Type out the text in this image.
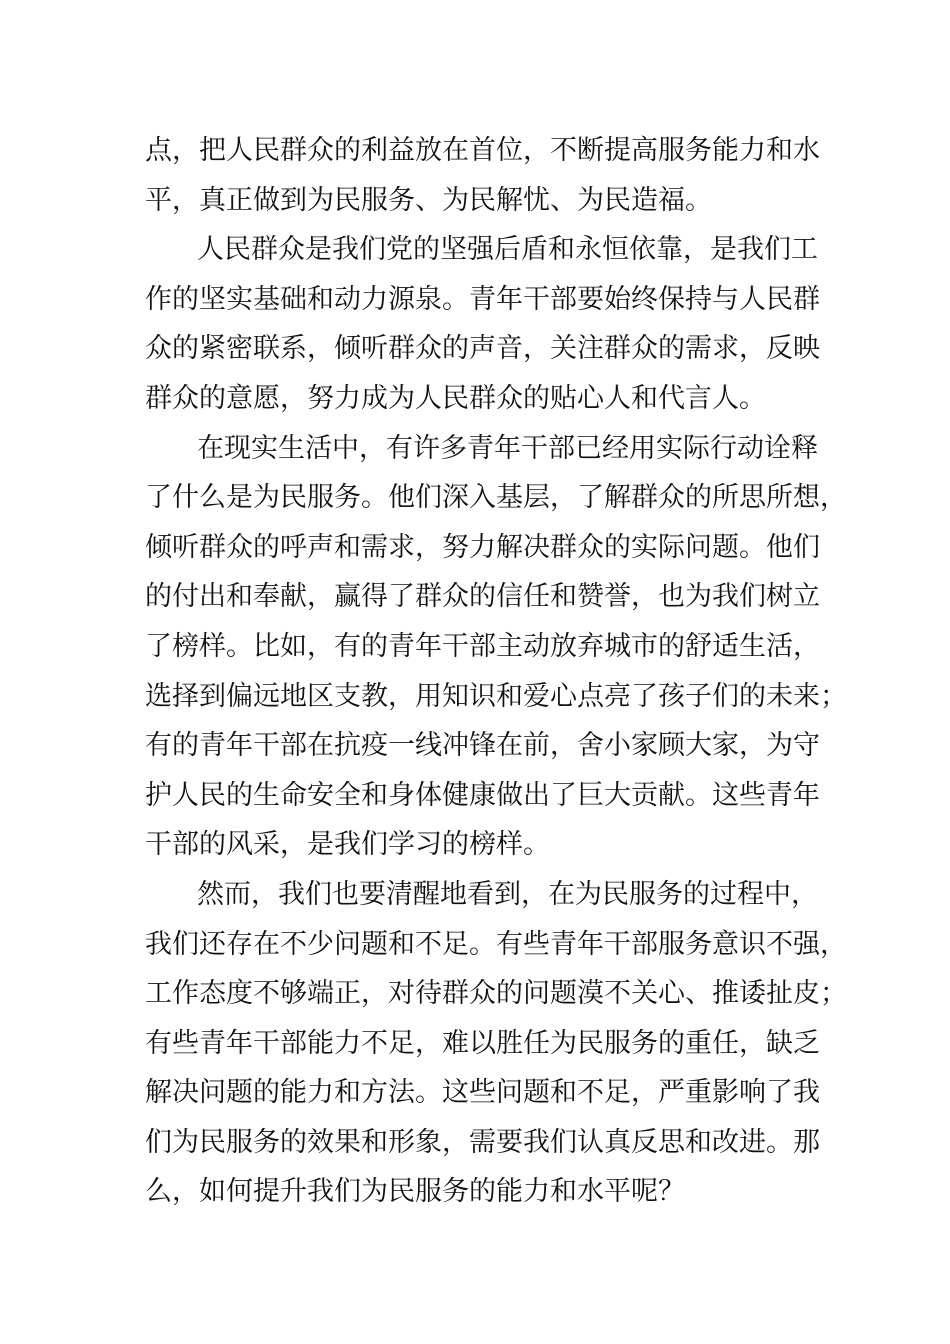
点，把人民群众的利益放在首位，不断提高服务能力和水
平，真正做到为民服务、为民解忧、为民造福。
人民群众是我们党的坚强后盾和永恒依靠，是我们工
作的坚实基础和动力源泉。青年干部要始终保持与人民群
众的紧密联系，倾听群众的声音，关注群众的需求，反映
群众的意愿，努力成为人民群众的贴心人和代言人。
在现实生活中，有许多青年干部已经用实际行动诠释
了什么是为民服务。他们深入基层，了解群众的所思所想，
倾听群众的呼声和需求，努力解决群众的实际问题。他们
的付出和奉献，赢得了群众的信任和赞誉，也为我们树立
了榜样。比如，有的青年干部主动放弃城市的舒适生活，
选择到偏远地区支教，用知识和爱心点亮了孩子们的未来；
有的青年干部在抗疫一线冲锋在前，舍小家顾大家，为守
护人民的生命安全和身体健康做出了巨大贡献。这些青年
干部的风采，是我们学习的榜样。
然而，我们也要清醒地看到，在为民服务的过程中，
我们还存在不少问题和不足。有些青年干部服务意识不强，
工作态度不够端正，对待群众的问题漠不关心、推诿扯皮；
有些青年干部能力不足，难以胜任为民服务的重任，缺乏
解决问题的能力和方法。这些问题和不足，严重影响了我
们为民服务的效果和形象，需要我们认真反思和改进。那
么，如何提升我们为民服务的能力和水平呢？
